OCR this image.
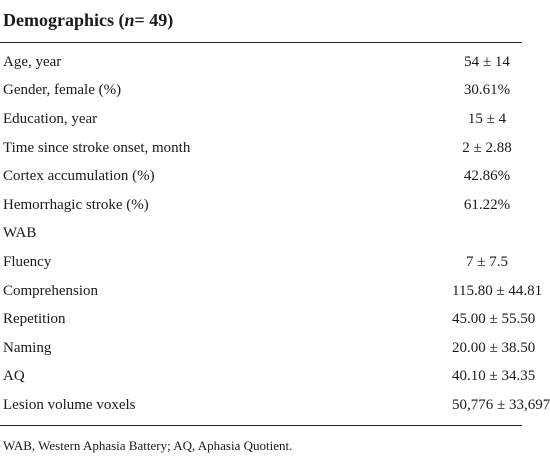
Demographics ( n = 49)
Age, year	54 ± 14
Gender, female (%)	30.61%
Education, year	15 ± 4
Time since stroke onset, month	2 ± 2.88
Cortex accumulation (%)	42.86%
Hemorrhagic stroke (%)	61.22%
WAB
Fluency	7 ± 7.5
Comprehension	115.80 ± 44.81
Repetition	45.00 ± 55.50
Naming	20.00 ± 38.50
AQ	40.10 ± 34.35
Lesion volume voxels	50,776 ± 33,697
WAB, Western Aphasia Battery; AQ, Aphasia Quotient.
